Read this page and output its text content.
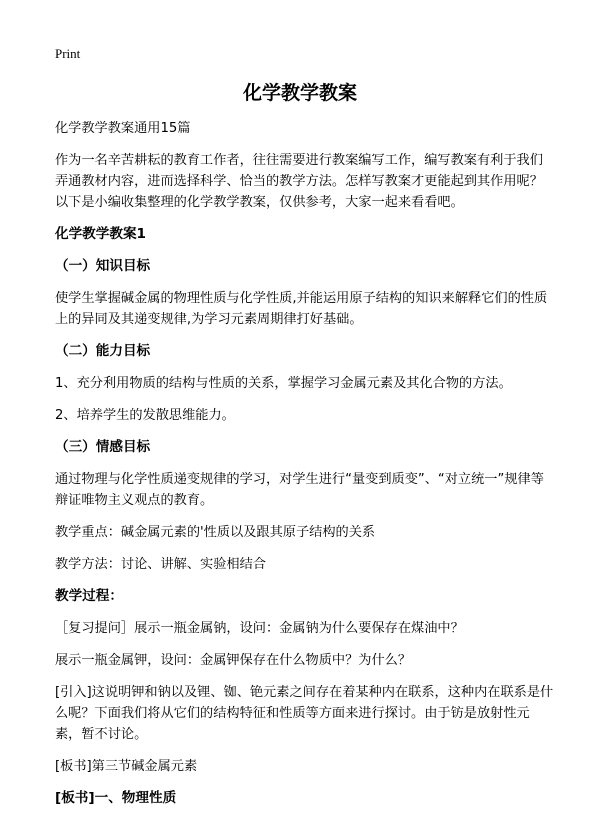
Print
化学教学教案

化学教学教案通用15篇

作为一名辛苦耕耘的教育工作者，往往需要进行教案编写工作，编写教案有利于我们弄通教材内容，进而选择科学、恰当的教学方法。怎样写教案才更能起到其作用呢？以下是小编收集整理的化学教学教案，仅供参考，大家一起来看看吧。

化学教学教案1

（一）知识目标

使学生掌握碱金属的物理性质与化学性质,并能运用原子结构的知识来解释它们的性质上的异同及其递变规律,为学习元素周期律打好基础。

（二）能力目标

1、充分利用物质的结构与性质的关系，掌握学习金属元素及其化合物的方法。

2、培养学生的发散思维能力。

（三）情感目标

通过物理与化学性质递变规律的学习，对学生进行“量变到质变”、“对立统一”规律等辩证唯物主义观点的教育。

教学重点：碱金属元素的'性质以及跟其原子结构的关系

教学方法：讨论、讲解、实验相结合

教学过程：

［复习提问］展示一瓶金属钠，设问：金属钠为什么要保存在煤油中？

展示一瓶金属钾，设问：金属钾保存在什么物质中？为什么？

[引入]这说明钾和钠以及锂、铷、铯元素之间存在着某种内在联系，这种内在联系是什么呢？下面我们将从它们的结构特征和性质等方面来进行探讨。由于钫是放射性元素，暂不讨论。

[板书]第三节碱金属元素

[板书]一、物理性质
